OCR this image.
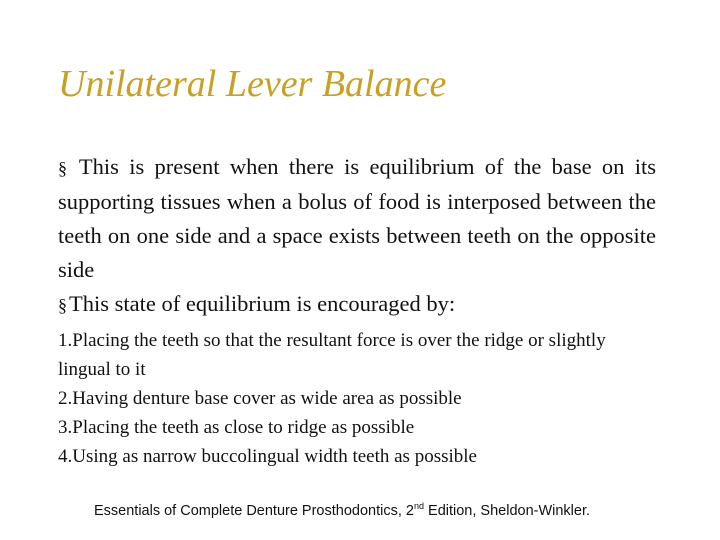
Unilateral Lever Balance

§ This is present when there is equilibrium of the base on its supporting tissues when a bolus of food is interposed between the teeth on one side and a space exists between teeth on the opposite side

§This state of equilibrium is encouraged by:

1.Placing the teeth so that the resultant force is over the ridge or slightly lingual to it
2.Having denture base cover as wide area as possible
3.Placing the teeth as close to ridge as possible
4.Using as narrow buccolingual width teeth as possible
Essentials of Complete Denture Prosthodontics, 2nd Edition, Sheldon-Winkler.
